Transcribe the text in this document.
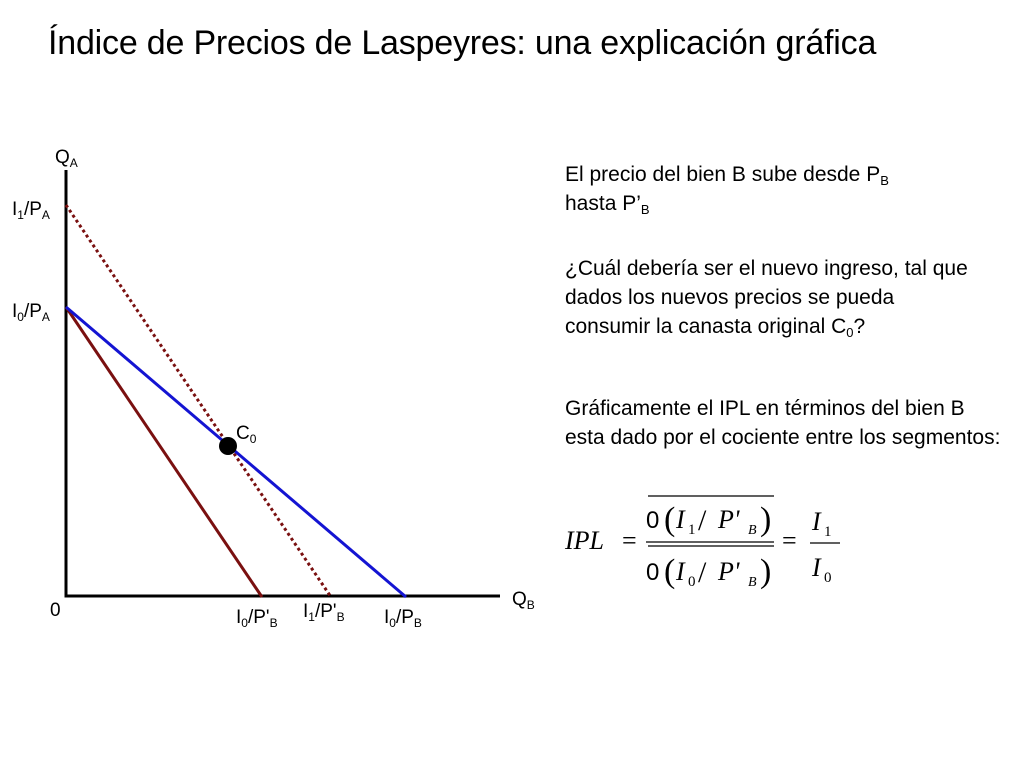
Índice de Precios de Laspeyres: una explicación gráfica
$Q_A$
$Q_B$
0
$I_1/P_A$
$I_0/P_A$
$I_0/P'_B$
$I_1/P'_B$ $I_0/P_B$
$C_0$
El precio del bien B sube desde $P_B$
hasta $P’_B$
¿Cuál debería ser el nuevo ingreso, tal que dados los nuevos precios se pueda consumir la canasta original $C_0$?
Gráficamente el IPL en términos del bien B esta dado por el cociente entre los segmentos:
IPL =
0 ( I 1 / P' B )
0 ( I 0 / P' B )
=
I 1
I 0
